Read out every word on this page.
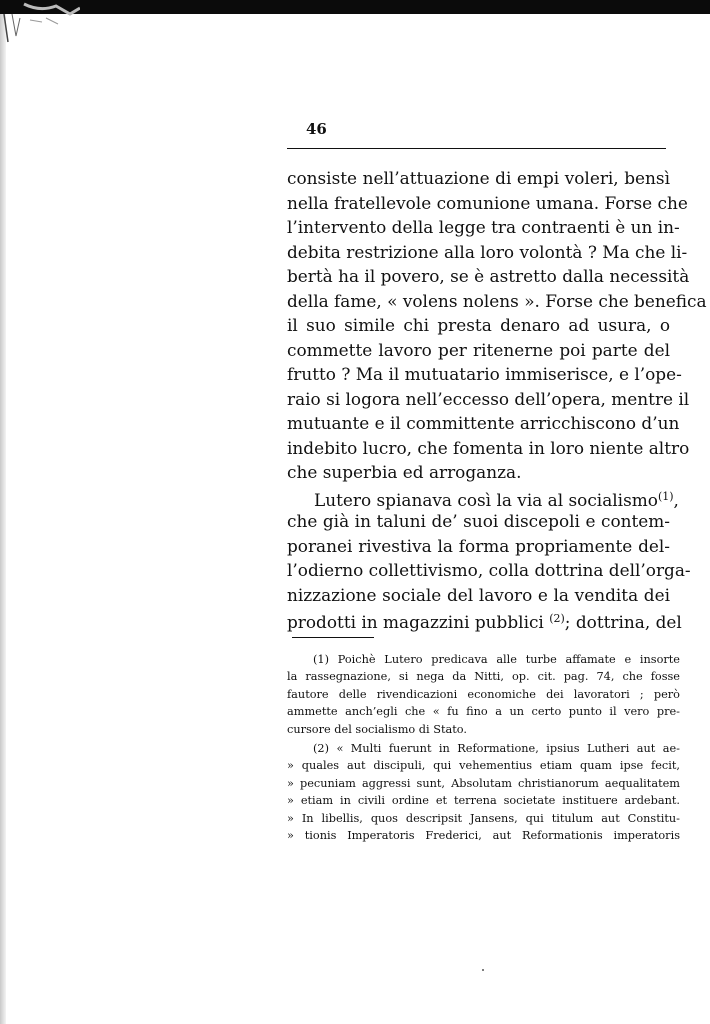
46
consiste nell’attuazione di empi voleri, bensì
nella fratellevole comunione umana. Forse che
l’intervento della legge tra contraenti è un in-
debita restrizione alla loro volontà ? Ma che li-
bertà ha il povero, se è astretto dalla necessità
della fame, « volens nolens ». Forse che benefica
il suo simile chi presta denaro ad usura, o
commette lavoro per ritenerne poi parte del
frutto ? Ma il mutuatario immiserisce, e l’ope-
raio si logora nell’eccesso dell’opera, mentre il
mutuante e il committente arricchiscono d’un
indebito lucro, che fomenta in loro niente altro
che superbia ed arroganza.
Lutero spianava così la via al socialismo$^{(1)}$,
che già in taluni de’ suoi discepoli e contem-
poranei rivestiva la forma propriamente del-
l’odierno collettivismo, colla dottrina dell’orga-
nizzazione sociale del lavoro e la vendita dei
prodotti in magazzini pubblici $^{(2)}$; dottrina, del
(1) Poichè Lutero predicava alle turbe affamate e insorte
la rassegnazione, si nega da Nitti, op. cit. pag. 74, che fosse
fautore delle rivendicazioni economiche dei lavoratori ; però
ammette anch’egli che « fu fino a un certo punto il vero pre-
cursore del socialismo di Stato.
(2) « Multi fuerunt in Reformatione, ipsius Lutheri aut ae-
» quales aut discipuli, qui vehementius etiam quam ipse fecit,
» pecuniam aggressi sunt, Absolutam christianorum aequalitatem
» etiam in civili ordine et terrena societate instituere ardebant.
» In libellis, quos descripsit Jansens, qui titulum aut Constitu-
» tionis Imperatoris Frederici, aut Reformationis imperatoris
